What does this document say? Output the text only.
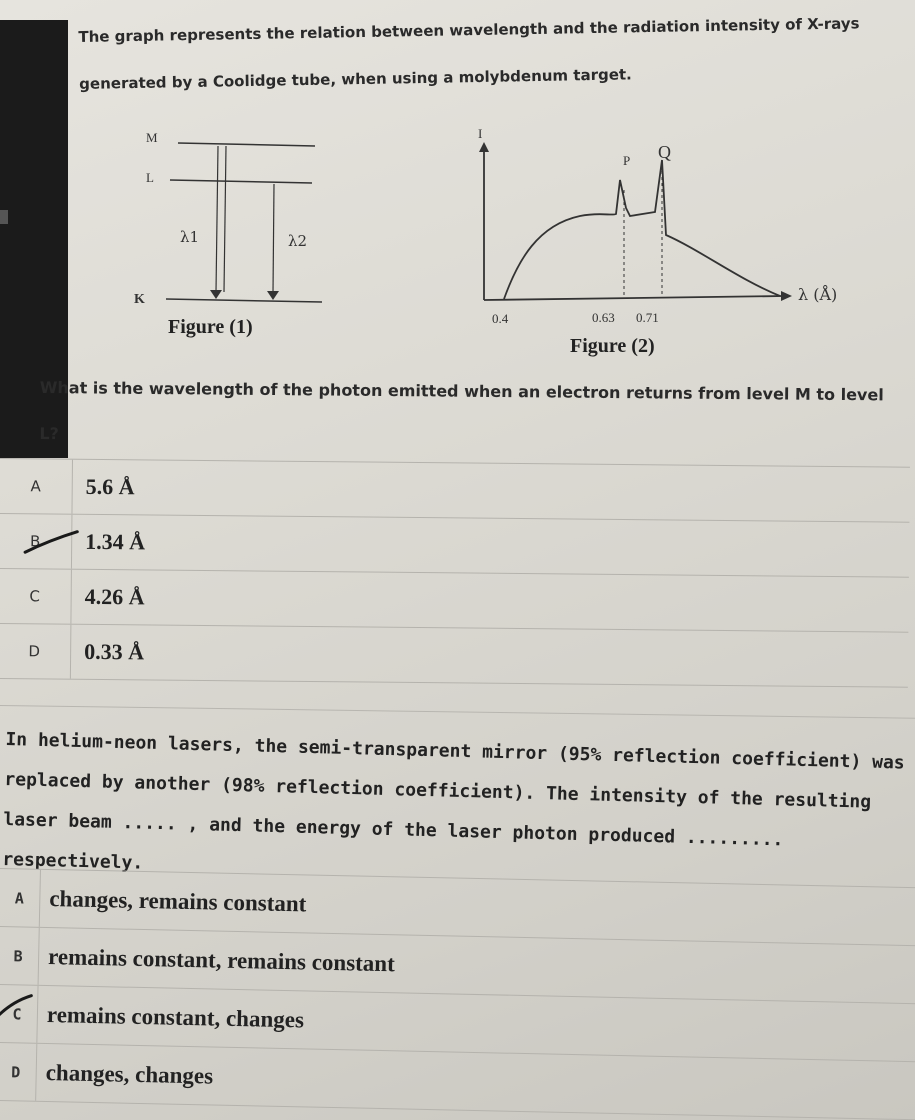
The graph represents the relation between wavelength and the radiation intensity of X-rays generated by a Coolidge tube, when using a molybdenum target.

M
L
K
λ1	λ2
I
λ (Å)
P Q
0.4	0.63 0.71
Figure (1)
Figure (2)

What is the wavelength of the photon emitted when an electron returns from level M to level L?

A	5.6 Å
B	1.34 Å
C	4.26 Å
D	0.33 Å

In helium-neon lasers, the semi-transparent mirror (95% reflection coefficient) was replaced by another (98% reflection coefficient). The intensity of the resulting laser beam ..... , and the energy of the laser photon produced ......... respectively.

A	changes, remains constant
B	remains constant, remains constant
C	remains constant, changes
D	changes, changes
